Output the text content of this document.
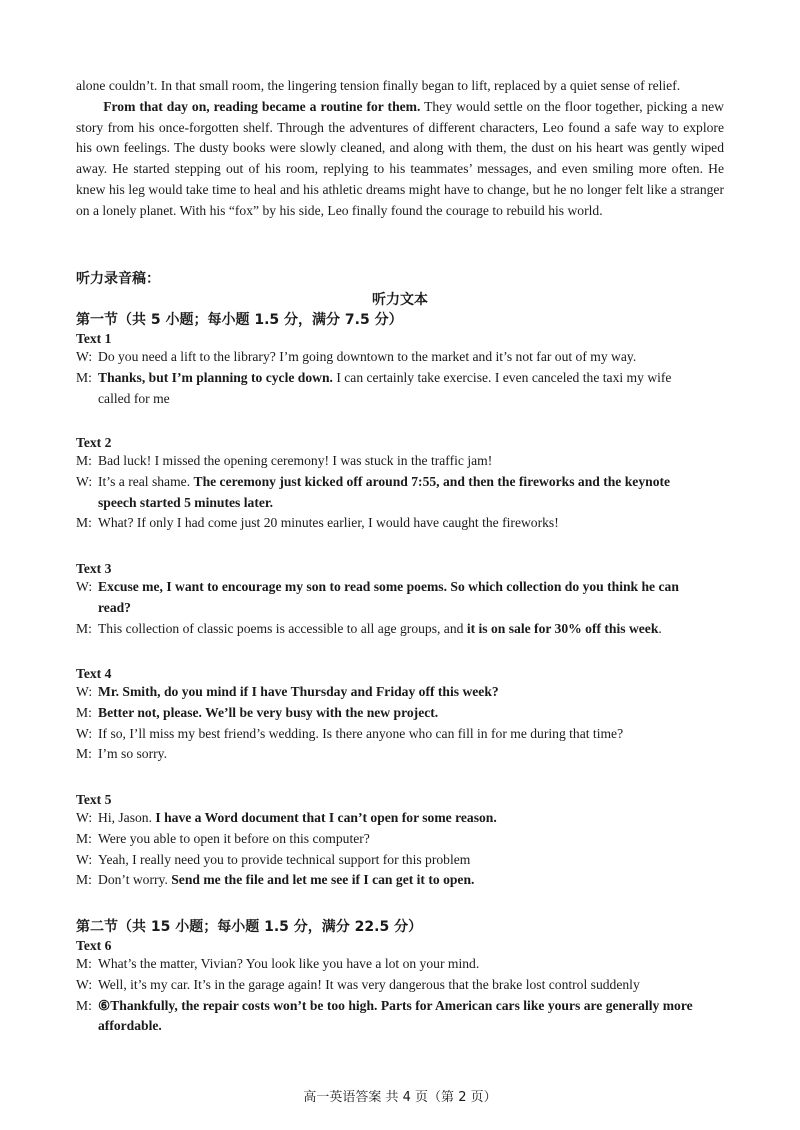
alone couldn’t. In that small room, the lingering tension finally began to lift, replaced by a quiet sense of relief.

From that day on, reading became a routine for them. They would settle on the floor together, picking a new story from his once-forgotten shelf. Through the adventures of different characters, Leo found a safe way to explore his own feelings. The dusty books were slowly cleaned, and along with them, the dust on his heart was gently wiped away. He started stepping out of his room, replying to his teammates’ messages, and even smiling more often. He knew his leg would take time to heal and his athletic dreams might have to change, but he no longer felt like a stranger on a lonely planet. With his “fox” by his side, Leo finally found the courage to rebuild his world.

听力录音稿：
听力文本
第一节（共 5 小题；每小题 1.5 分，满分 7.5 分）
Text 1
W: Do you need a lift to the library? I’m going downtown to the market and it’s not far out of my way.
M: Thanks, but I’m planning to cycle down. I can certainly take exercise. I even canceled the taxi my wife
called for me
Text 2
M: Bad luck! I missed the opening ceremony! I was stuck in the traffic jam!
W: It’s a real shame. The ceremony just kicked off around 7:55, and then the fireworks and the keynote
speech started 5 minutes later.
M: What? If only I had come just 20 minutes earlier, I would have caught the fireworks!
Text 3
W: Excuse me, I want to encourage my son to read some poems. So which collection do you think he can
read?
M: This collection of classic poems is accessible to all age groups, and it is on sale for 30% off this week.
Text 4
W: Mr. Smith, do you mind if I have Thursday and Friday off this week?
M: Better not, please. We’ll be very busy with the new project.
W: If so, I’ll miss my best friend’s wedding. Is there anyone who can fill in for me during that time?
M: I’m so sorry.
Text 5
W: Hi, Jason. I have a Word document that I can’t open for some reason.
M: Were you able to open it before on this computer?
W: Yeah, I really need you to provide technical support for this problem
M: Don’t worry. Send me the file and let me see if I can get it to open.
第二节（共 15 小题；每小题 1.5 分，满分 22.5 分）
Text 6
M: What’s the matter, Vivian? You look like you have a lot on your mind.
W: Well, it’s my car. It’s in the garage again! It was very dangerous that the brake lost control suddenly
M: ⑥Thankfully, the repair costs won’t be too high. Parts for American cars like yours are generally more
affordable.
高一英语答案 共 4 页（第 2 页）
